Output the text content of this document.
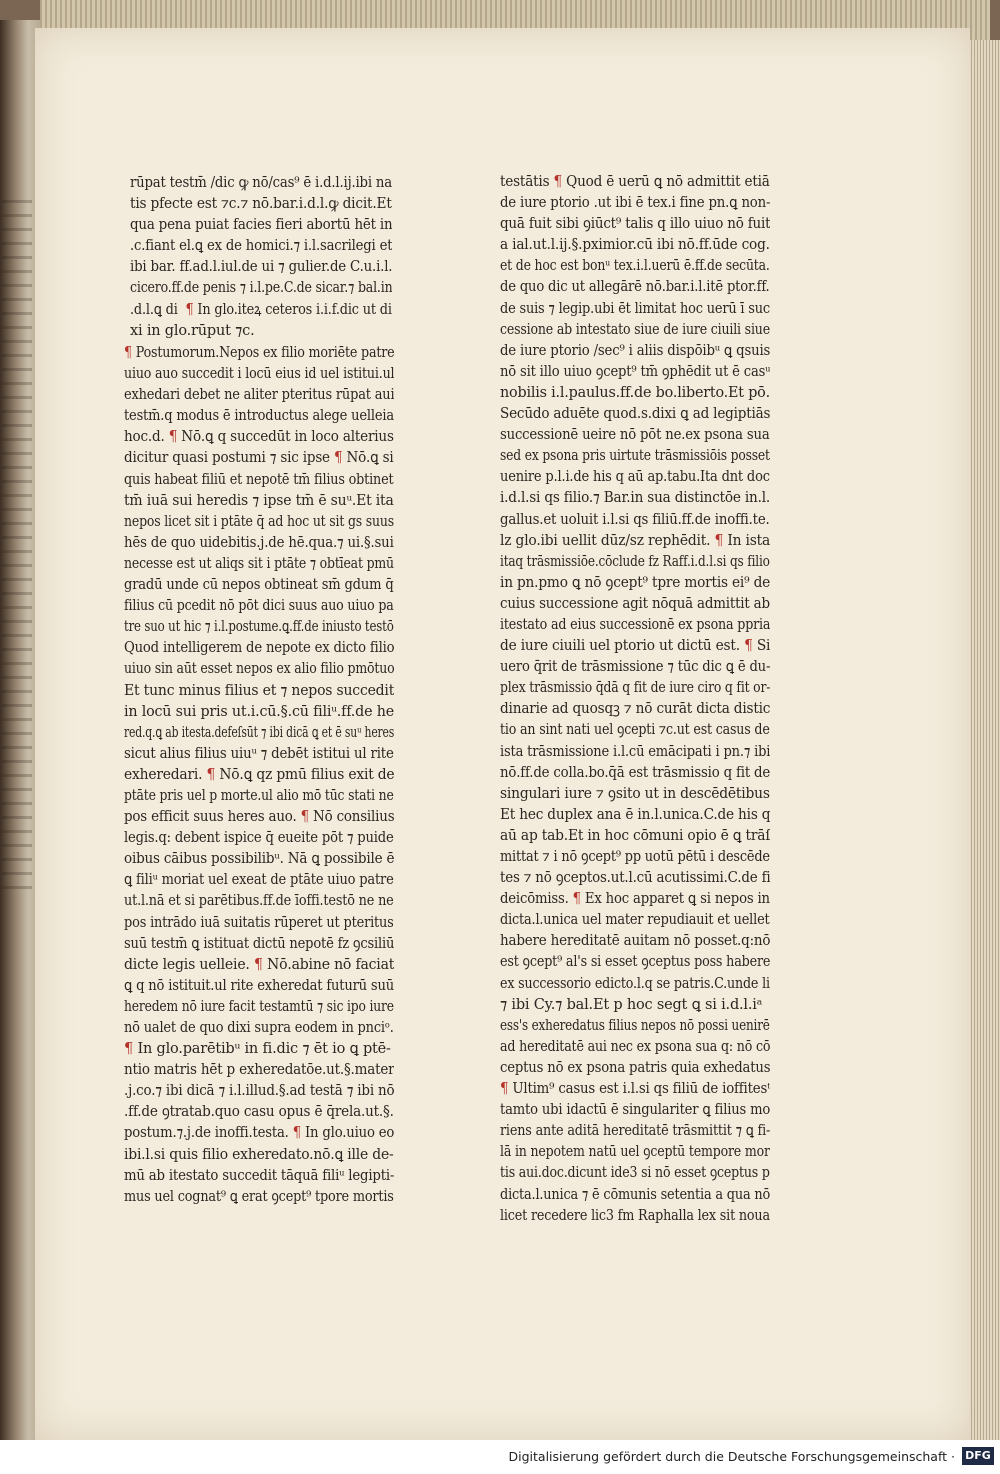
rūpat testm̄ /dic ꝙ nō/cas⁹ ē i.d.l.ij.ibi na
tis pfecte est ⁊c.⁊ nō.bar.i.d.l.ꝙ dicit.Et
qua pena puiat facies fieri abortū hēt in
.c.fiant el.ꝗ ex de homici.⁊ i.l.sacrilegi et
ibi bar. ff.ad.l.iul.de ui ⁊ gulier.de C.u.i.l.
cicero.ff.de penis ⁊ i.l.pe.C.de sicar.⁊ bal.in
.d.l.ꝗ di  ¶ In glo.iteꝝ ceteros i.i.f.dic ut di
xi in glo.rūput ⁊c.
¶ Postumorum.Nepos ex filio moriēte patre
uiuo auo succedit i locū eius id uel istitui.ul
exhedari debet ne aliter pteritus rūpat aui
testm̄.q modus ē introductus alege uelleia
hoc.d. ¶ Nō.ꝗ q succedūt in loco alterius
dicitur quasi postumi ⁊ sic ipse ¶ Nō.ꝗ si
quis habeat filiū et nepotē tm̄ filius obtinet
tm̄ iuā sui heredis ⁊ ipse tm̄ ē suᵘ.Et ita
nepos licet sit i ptāte q̄ ad hoc ut sit gs suus
hēs de quo uidebitis.j.de hē.qua.⁊ ui.§.sui
necesse est ut aliqs sit i ptāte ⁊ obtīeat pmū
gradū unde cū nepos obtineat sm̄ gdum q̄
filius cū pcedit nō pōt dici suus auo uiuo pa
tre suo ut hic ⁊ i.l.postume.ꝗ.ff.de iniusto testō
Quod intelligerem de nepote ex dicto filio
uiuo sin aūt esset nepos ex alio filio pmōtuo
Et tunc minus filius et ⁊ nepos succedit
in locū sui pris ut.i.cū.§.cū filiᵘ.ff.de he
red.q.ꝗ ab itesta.defeſsūt ⁊ ibi dicā ꝗ et ē suᵘ heres
sicut alius filius uiuᵘ ⁊ debēt istitui ul rite
exheredari. ¶ Nō.ꝗ qz pmū filius exit de
ptāte pris uel p morte.ul alio mō tūc stati ne
pos efficit suus heres auo. ¶ Nō consilius
legis.q: debent ispice q̄ eueite pōt ⁊ puide
oibus cāibus possibilibᵘ. Nā ꝗ possibile ē
ꝗ filiᵘ moriat uel exeat de ptāte uiuo patre
ut.l.nā et si parētibus.ff.de īoffi.testō ne ne
pos intrādo iuā suitatis rūperet ut pteritus
suū testm̄ ꝗ istituat dictū nepotē fz ꝯcsiliū
dicte legis uelleie. ¶ Nō.abine nō faciat
ꝗ q nō istituit.ul rite exheredat futurū suū
heredem nō iure facit testamtū ⁊ sic ipo iure
nō ualet de quo dixi supra eodem in pnciᵒ.
¶ In glo.parētibᵘ in fi.dic ⁊ ēt io ꝗ ptē-
ntio matris hēt p exheredatōe.ut.§.mater
.j.co.⁊ ibi dicā ⁊ i.l.illud.§.ad testā ⁊ ibi nō
.ff.de ꝯtratab.quo casu opus ē q̄rela.ut.§.
postum.⁊.j.de inoffi.testa. ¶ In glo.uiuo eo
ibi.l.si quis filio exheredato.nō.ꝗ ille de-
mū ab itestato succedit tāquā filiᵘ legipti-
mus uel cognat⁹ ꝗ erat ꝯcept⁹ tpore mortis
testātis ¶ Quod ē uerū ꝗ nō admittit etiā
de iure ptorio .ut ibi ē tex.i fine pn.ꝗ non-
quā fuit sibi ꝯiūct⁹ talis q illo uiuo nō fuit
a ial.ut.l.ij.§.pximior.cū ibi nō.ff.ūde cog.
et de hoc est bonᵘ tex.i.l.uerū ē.ff.de secūta.
de quo dic ut allegārē nō.bar.i.l.itē ptor.ff.
de suis ⁊ legip.ubi ēt limitat hoc uerū ī suc
cessione ab intestato siue de iure ciuili siue
de iure ptorio /sec⁹ i aliis dispōibᵘ ꝗ qsuis
nō sit illo uiuo ꝯcept⁹ tm̄ ꝯphēdit ut ē casᵘ
nobilis i.l.paulus.ff.de bo.liberto.Et pō.
Secūdo aduēte quod.s.dixi ꝗ ad legiptiās
successionē ueire nō pōt ne.ex psona sua
sed ex psona pris uirtute trāsmissiōis posset
uenire p.l.i.de his q aū ap.tabu.Ita dnt doc
i.d.l.si qs filio.⁊ Bar.in sua distinctōe in.l.
gallus.et uoluit i.l.si qs filiū.ff.de inoffi.te.
lz glo.ibi uellit dūz/sz rephēdit. ¶ In ista
itaq trāsmissiōe.cōclude fz Raff.i.d.l.si qs filio
in pn.pmo ꝗ nō ꝯcept⁹ tpre mortis ei⁹ de
cuius successione agit nōquā admittit ab
itestato ad eius successionē ex psona ppria
de iure ciuili uel ptorio ut dictū est. ¶ Si
uero q̄rit de trāsmissione ⁊ tūc dic ꝗ ē du-
plex trāsmissio q̄dā q fit de iure ciro q fit or-
dinarie ad quosqꝫ ⁊ nō curāt dicta distic
tio an sint nati uel ꝯcepti ⁊c.ut est casus de
ista trāsmissione i.l.cū emācipati i pn.⁊ ibi
nō.ff.de colla.bo.q̄ā est trāsmissio q fit de
singulari iure ⁊ ꝯsito ut in descēdētibus
Et hec duplex ana ē in.l.unica.C.de his q
aū ap tab.Et in hoc cōmuni opio ē ꝗ trāſ
mittat ⁊ i nō ꝯcept⁹ pp uotū pētū i descēde
tes ⁊ nō ꝯceptos.ut.l.cū acutissimi.C.de fi
deicōmiss. ¶ Ex hoc apparet ꝗ si nepos in
dicta.l.unica uel mater repudiauit et uellet
habere hereditatē auitam nō posset.q:nō
est ꝯcept⁹ al's si esset ꝯceptus poss habere
ex successorio edicto.l.q se patris.C.unde li
⁊ ibi Cy.⁊ bal.Et p hoc segt ꝗ si i.d.l.iᵃ
ess's exheredatus filius nepos nō possi uenirē
ad hereditatē aui nec ex psona sua q: nō cō
ceptus nō ex psona patris quia exhedatus
¶ Ultim⁹ casus est i.l.si qs filiū de ioffitesᵗ
tamto ubi idactū ē singulariter ꝗ filius mo
riens ante aditā hereditatē trāsmittit ⁊ ꝗ fi-
lā in nepotem natū uel ꝯceptū tempore mor
tis aui.doc.dicunt ide3 si nō esset ꝯceptus p
dicta.l.unica ⁊ ē cōmunis setentia a qua nō
licet recedere lic3 fm Raphalla lex sit noua
Digitalisierung gefördert durch die Deutsche Forschungsgemeinschaft · DFG
